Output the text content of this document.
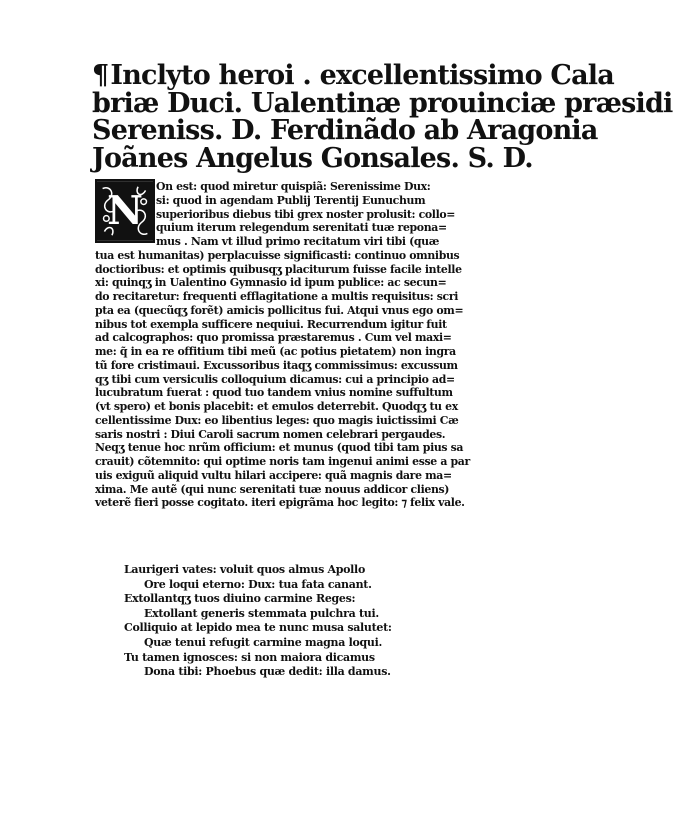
¶Inclyto heroi . excellentissimo Cala
briæ Duci. Ualentinæ prouinciæ præsidi
Sereniss. D. Ferdinãdo ab Aragonia
Joãnes Angelus Gonsales. S. D.
N
On est: quod miretur quispiã: Serenissime Dux:
si: quod in agendam Publij Terentij Eunuchum
superioribus diebus tibi grex noster prolusit: collo=
quium iterum relegendum serenitati tuæ repona=
mus . Nam vt illud primo recitatum viri tibi (quæ
tua est humanitas) perplacuisse significasti: continuo omnibus
doctioribus: et optimis quibusqʒ placiturum fuisse facile intelle
xi: quinqʒ in Ualentino Gymnasio id ipum publice: ac secun=
do recitaretur: frequenti efflagitatione a multis requisitus: scri
pta ea (quecũqʒ forẽt) amicis pollicitus fui. Atqui vnus ego om=
nibus tot exempla sufficere nequiui. Recurrendum igitur fuit
ad calcographos: quo promissa præstaremus . Cum vel maxi=
me: q̃ in ea re offitium tibi meũ (ac potius pietatem) non ingra
tũ fore cristimaui. Excussoribus itaqʒ commissimus: excussum
qʒ tibi cum versiculis colloquium dicamus: cui a principio ad=
lucubratum fuerat : quod tuo tandem vnius nomine suffultum
(vt spero) et bonis placebit: et emulos deterrebit. Quodqʒ tu ex
cellentissime Dux: eo libentius leges: quo magis iuictissimi Cæ
saris nostri : Diui Caroli sacrum nomen celebrari pergaudes.
Neqʒ tenue hoc nrũm officium: et munus (quod tibi tam pius sa
crauit) cõtemnito: qui optime noris tam ingenui animi esse a par
uis exiguũ aliquid vultu hilari accipere: quã magnis dare ma=
xima. Me autẽ (qui nunc serenitati tuæ nouus addicor cliens)
veterẽ fieri posse cogitato. iteri epigrãma hoc legito: ⁊ felix vale.
Laurigeri vates: voluit quos almus Apollo
Ore loqui eterno: Dux: tua fata canant.
Extollantqʒ tuos diuino carmine Reges:
Extollant generis stemmata pulchra tui.
Colliquio at lepido mea te nunc musa salutet:
Quæ tenui refugit carmine magna loqui.
Tu tamen ignosces: si non maiora dicamus
Dona tibi: Phoebus quæ dedit: illa damus.
